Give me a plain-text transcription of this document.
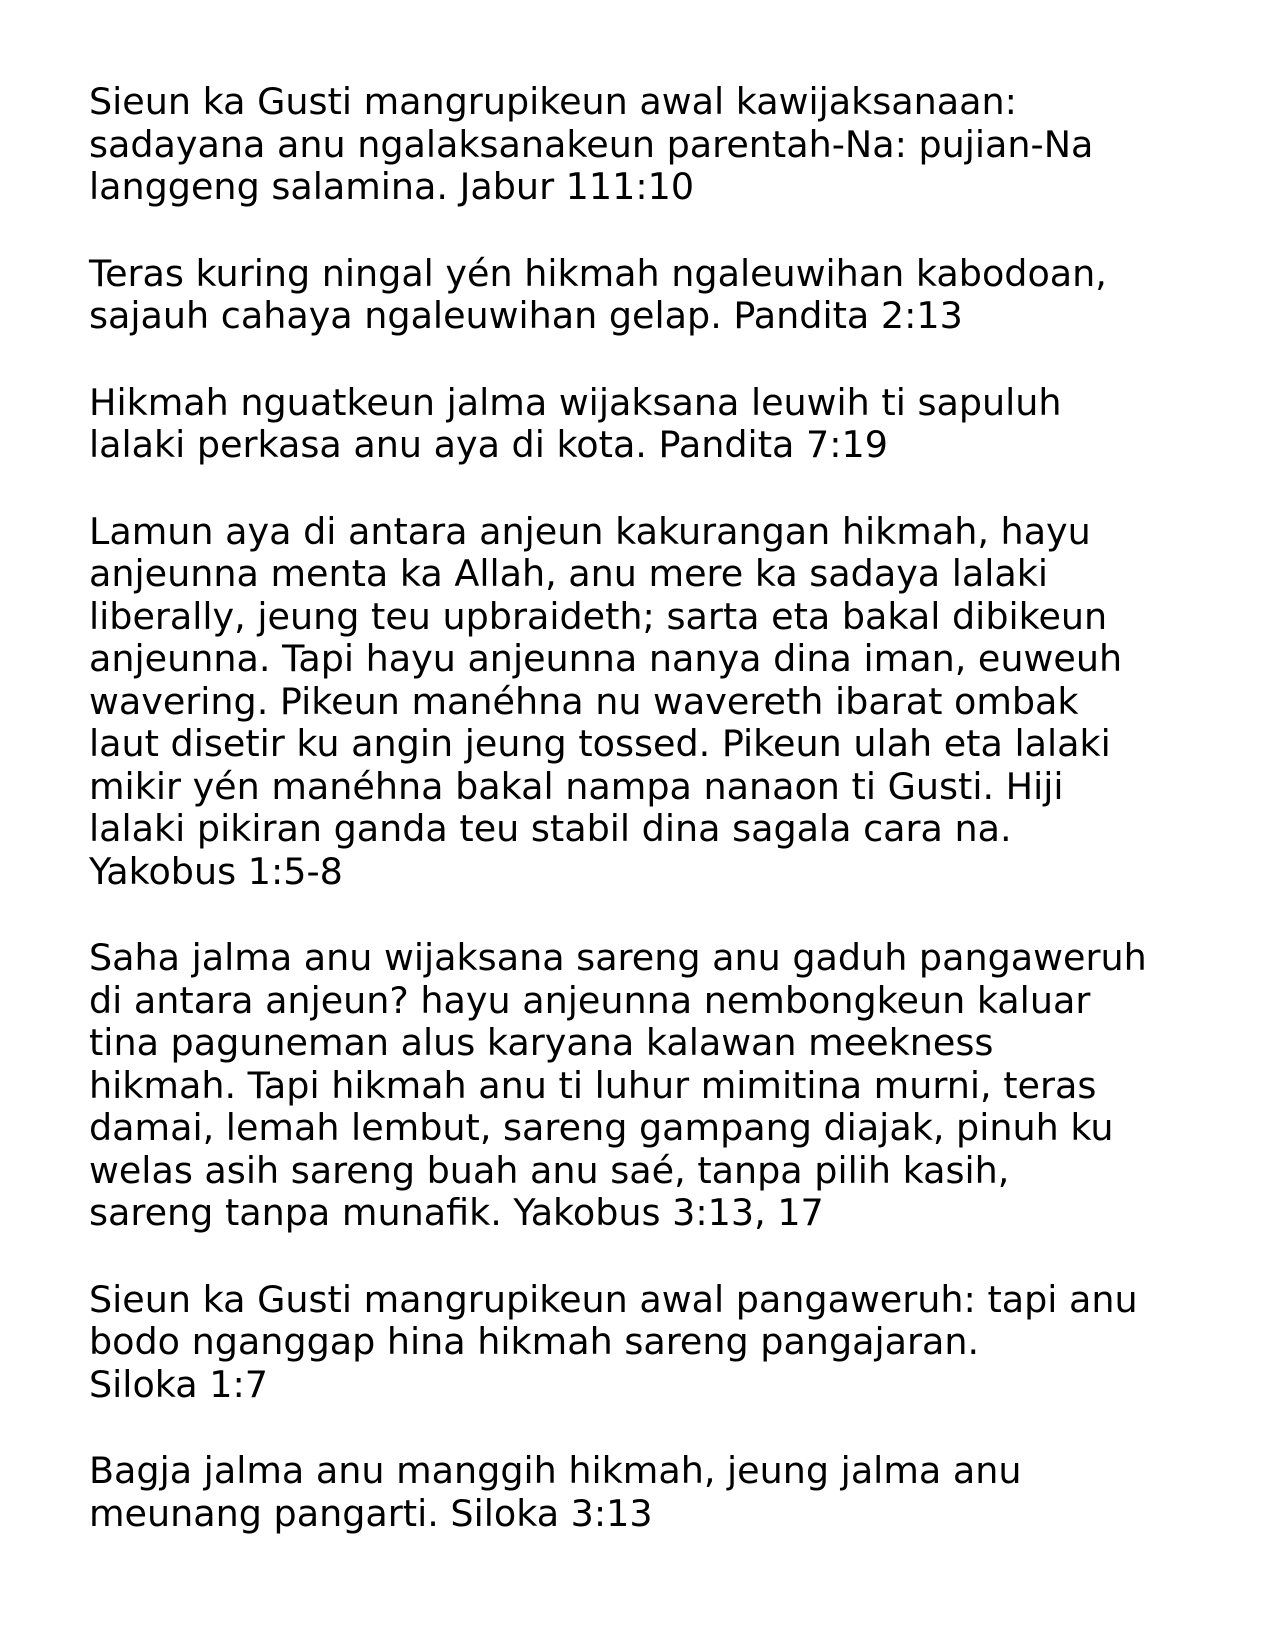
Sieun ka Gusti mangrupikeun awal kawijaksanaan:
sadayana anu ngalaksanakeun parentah-Na: pujian-Na
langgeng salamina. Jabur 111:10
Teras kuring ningal yén hikmah ngaleuwihan kabodoan,
sajauh cahaya ngaleuwihan gelap. Pandita 2:13
Hikmah nguatkeun jalma wijaksana leuwih ti sapuluh
lalaki perkasa anu aya di kota. Pandita 7:19
Lamun aya di antara anjeun kakurangan hikmah, hayu
anjeunna menta ka Allah, anu mere ka sadaya lalaki
liberally, jeung teu upbraideth; sarta eta bakal dibikeun
anjeunna. Tapi hayu anjeunna nanya dina iman, euweuh
wavering. Pikeun manéhna nu wavereth ibarat ombak
laut disetir ku angin jeung tossed. Pikeun ulah eta lalaki
mikir yén manéhna bakal nampa nanaon ti Gusti. Hiji
lalaki pikiran ganda teu stabil dina sagala cara na.
Yakobus 1:5-8
Saha jalma anu wijaksana sareng anu gaduh pangaweruh
di antara anjeun? hayu anjeunna nembongkeun kaluar
tina paguneman alus karyana kalawan meekness
hikmah. Tapi hikmah anu ti luhur mimitina murni, teras
damai, lemah lembut, sareng gampang diajak, pinuh ku
welas asih sareng buah anu saé, tanpa pilih kasih,
sareng tanpa munafik. Yakobus 3:13, 17
Sieun ka Gusti mangrupikeun awal pangaweruh: tapi anu
bodo nganggap hina hikmah sareng pangajaran.
Siloka 1:7
Bagja jalma anu manggih hikmah, jeung jalma anu
meunang pangarti. Siloka 3:13
